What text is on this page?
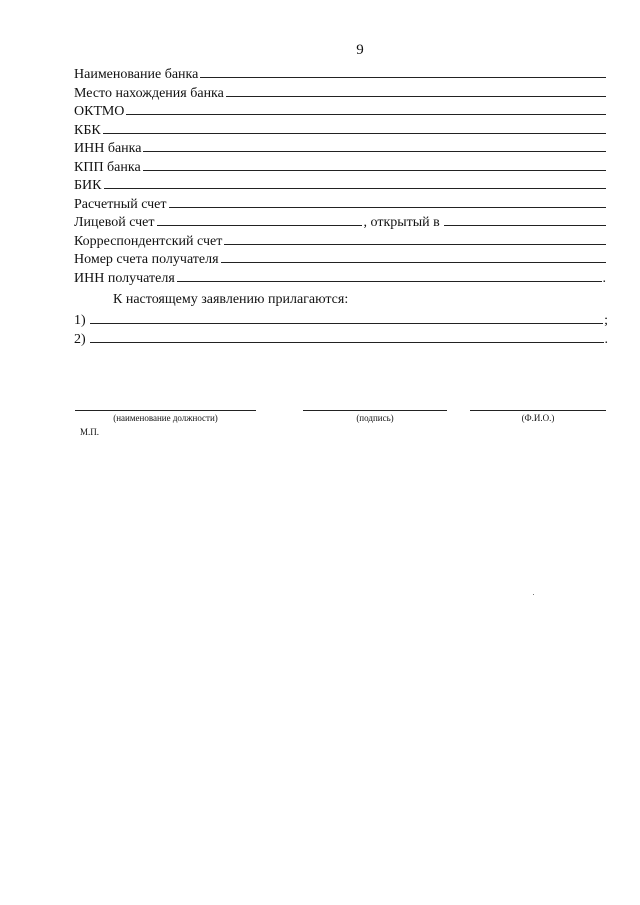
9
Наименование банка
Место нахождения банка
ОКТМО
КБК
ИНН банка
КПП банка
БИК
Расчетный счет
Лицевой счет	, открытый в
Корреспондентский счет
Номер счета получателя
ИНН получателя	.
К настоящему заявлению прилагаются:
1)	;
2)	.
(наименование должности)	(подпись)	(Ф.И.О.)
М.П.
